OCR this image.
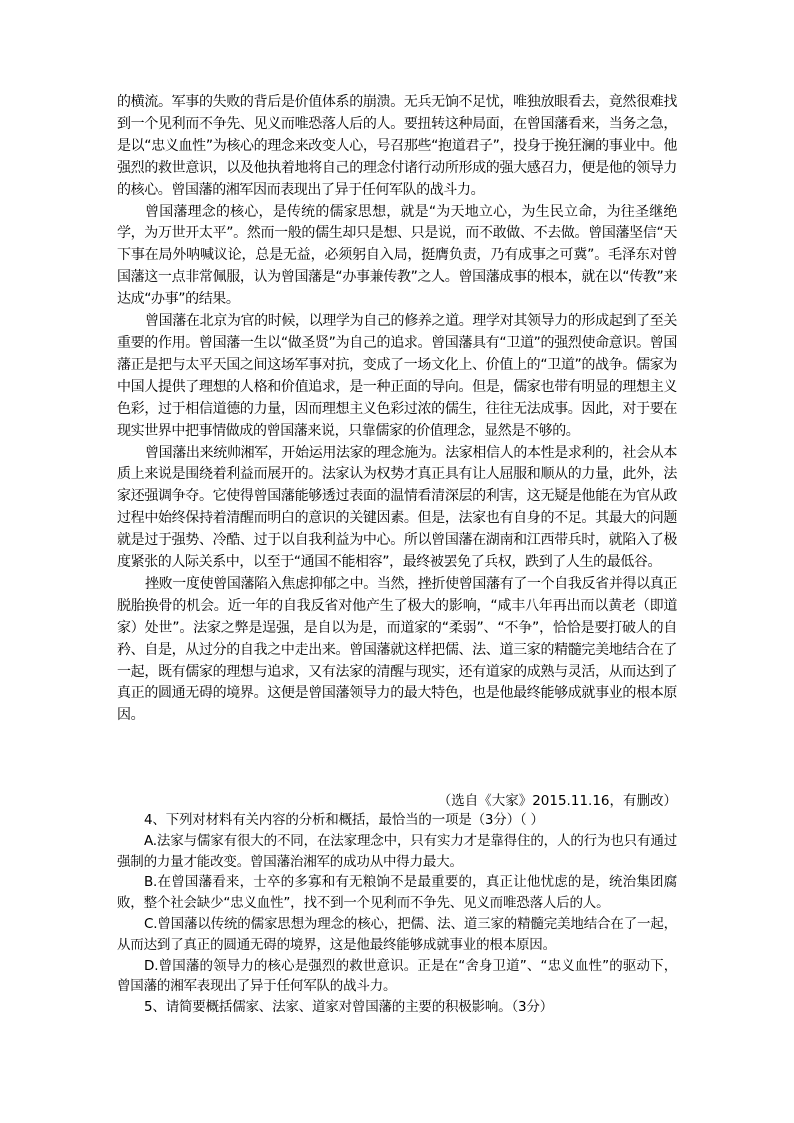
的横流。军事的失败的背后是价值体系的崩溃。无兵无饷不足忧，唯独放眼看去，竟然很难找到一个见利而不争先、见义而唯恐落人后的人。要扭转这种局面，在曾国藩看来，当务之急，是以“忠义血性”为核心的理念来改变人心，号召那些“抱道君子”，投身于挽狂澜的事业中。他强烈的救世意识，以及他执着地将自己的理念付诸行动所形成的强大感召力，便是他的领导力的核心。曾国藩的湘军因而表现出了异于任何军队的战斗力。

曾国藩理念的核心，是传统的儒家思想，就是“为天地立心，为生民立命，为往圣继绝学，为万世开太平”。然而一般的儒生却只是想、只是说，而不敢做、不去做。曾国藩坚信“天下事在局外呐喊议论，总是无益，必须躬自入局，挺膺负责，乃有成事之可冀”。毛泽东对曾国藩这一点非常佩服，认为曾国藩是“办事兼传教”之人。曾国藩成事的根本，就在以“传教”来达成“办事”的结果。

曾国藩在北京为官的时候，以理学为自己的修养之道。理学对其领导力的形成起到了至关重要的作用。曾国藩一生以“做圣贤”为自己的追求。曾国藩具有“卫道”的强烈使命意识。曾国藩正是把与太平天国之间这场军事对抗，变成了一场文化上、价值上的“卫道”的战争。儒家为中国人提供了理想的人格和价值追求，是一种正面的导向。但是，儒家也带有明显的理想主义色彩，过于相信道德的力量，因而理想主义色彩过浓的儒生，往往无法成事。因此，对于要在现实世界中把事情做成的曾国藩来说，只靠儒家的价值理念，显然是不够的。

曾国藩出来统帅湘军，开始运用法家的理念施为。法家相信人的本性是求利的，社会从本质上来说是围绕着利益而展开的。法家认为权势才真正具有让人屈服和顺从的力量，此外，法家还强调争夺。它使得曾国藩能够透过表面的温情看清深层的利害，这无疑是他能在为官从政过程中始终保持着清醒而明白的意识的关键因素。但是，法家也有自身的不足。其最大的问题就是过于强势、冷酷、过于以自我利益为中心。所以曾国藩在湖南和江西带兵时，就陷入了极度紧张的人际关系中，以至于“通国不能相容”，最终被罢免了兵权，跌到了人生的最低谷。

挫败一度使曾国藩陷入焦虑抑郁之中。当然，挫折使曾国藩有了一个自我反省并得以真正脱胎换骨的机会。近一年的自我反省对他产生了极大的影响，“咸丰八年再出而以黄老（即道家）处世”。法家之弊是逞强，是自以为是，而道家的“柔弱”、“不争”，恰恰是要打破人的自矜、自是，从过分的自我之中走出来。曾国藩就这样把儒、法、道三家的精髓完美地结合在了一起，既有儒家的理想与追求，又有法家的清醒与现实，还有道家的成熟与灵活，从而达到了真正的圆通无碍的境界。这便是曾国藩领导力的最大特色，也是他最终能够成就事业的根本原因。

（选自《大家》2015.11.16，有删改）

4、下列对材料有关内容的分析和概括，最恰当的一项是（3分）（ ）

A.法家与儒家有很大的不同，在法家理念中，只有实力才是靠得住的，人的行为也只有通过强制的力量才能改变。曾国藩治湘军的成功从中得力最大。

B.在曾国藩看来，士卒的多寡和有无粮饷不是最重要的，真正让他忧虑的是，统治集团腐败，整个社会缺少“忠义血性”，找不到一个见利而不争先、见义而唯恐落人后的人。

C.曾国藩以传统的儒家思想为理念的核心，把儒、法、道三家的精髓完美地结合在了一起，从而达到了真正的圆通无碍的境界，这是他最终能够成就事业的根本原因。

D.曾国藩的领导力的核心是强烈的救世意识。正是在“舍身卫道”、“忠义血性”的驱动下，曾国藩的湘军表现出了异于任何军队的战斗力。

5、请简要概括儒家、法家、道家对曾国藩的主要的积极影响。（3分）
